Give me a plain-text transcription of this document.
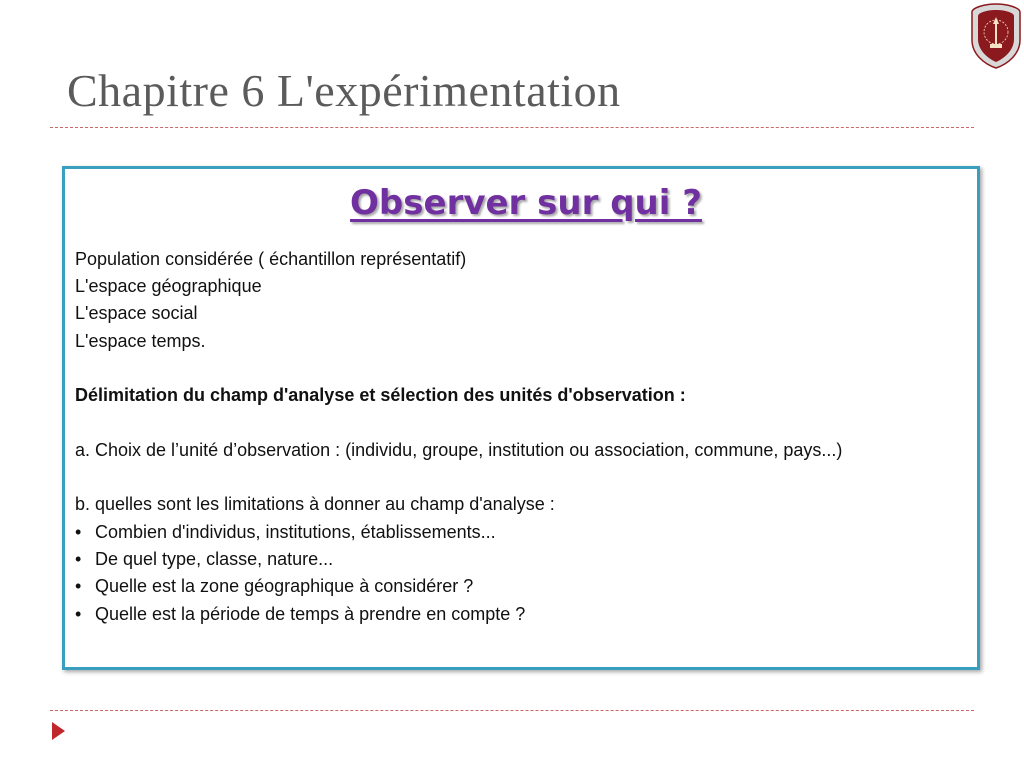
Chapitre 6 L'expérimentation
Observer sur qui ?
Population considérée ( échantillon représentatif)
L'espace géographique
L'espace social
L'espace temps.
Délimitation du champ d'analyse et sélection des unités d'observation :
a. Choix de l’unité d’observation : (individu, groupe, institution ou association, commune, pays...)
b. quelles sont les limitations à donner au champ d'analyse :
• Combien d'individus, institutions, établissements...
• De quel type, classe, nature...
• Quelle est la zone géographique à considérer ?
• Quelle est la période de temps à prendre en compte ?
